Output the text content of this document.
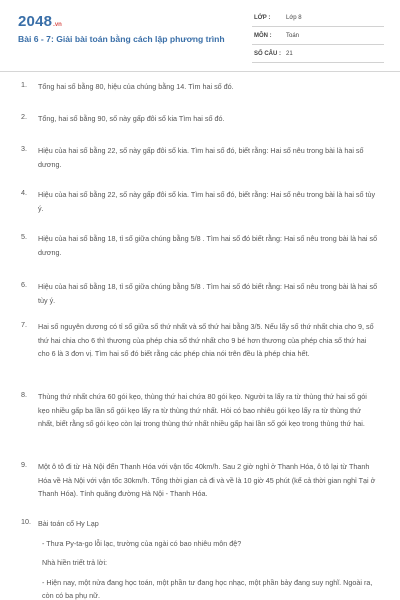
2048 .vn
Bài 6 - 7: Giải bài toán bằng cách lập phương trình
LỚP :	Lớp 8
MÔN : Toán
SỐ CÂU : 21
1. Tổng hai số bằng 80, hiệu của chúng bằng 14. Tìm hai số đó.
2. Tổng, hai số bằng 90, số này gấp đôi số kia Tìm hai số đó.
3. Hiệu của hai số bằng 22, số này gấp đôi số kia. Tìm hai số đó, biết rằng: Hai số nêu trong bài là hai số dương.
4. Hiệu của hai số bằng 22, số này gấp đôi số kia. Tìm hai số đó, biết rằng: Hai số nêu trong bài là hai số tùy ý.
5. Hiệu của hai số bằng 18, tỉ số giữa chúng bằng 5/8 . Tìm hai số đó biết rằng: Hai số nêu trong bài là hai số dương.
6. Hiệu của hai số bằng 18, tỉ số giữa chúng bằng 5/8 . Tìm hai số đó biết rằng: Hai số nêu trong bài là hai số tùy ý.
7. Hai số nguyên dương có tỉ số giữa số thứ nhất và số thứ hai bằng 3/5. Nếu lấy số thứ nhất chia cho 9, số thứ hai chia cho 6 thì thương của phép chia số thứ nhất cho 9 bé hơn thương của phép chia số thứ hai cho 6 là 3 đơn vị. Tìm hai số đó biết rằng các phép chia nói trên đều là phép chia hết.
8. Thùng thứ nhất chứa 60 gói kẹo, thùng thứ hai chứa 80 gói kẹo. Người ta lấy ra từ thùng thứ hai số gói kẹo nhiều gấp ba lần số gói kẹo lấy ra từ thùng thứ nhất. Hỏi có bao nhiêu gói kẹo lấy ra từ thùng thứ nhất, biết rằng số gói kẹo còn lại trong thùng thứ nhất nhiều gấp hai lần số gói kẹo trong thùng thứ hai.
9. Một ô tô đi từ Hà Nội đến Thanh Hóa với vận tốc 40km/h. Sau 2 giờ nghỉ ở Thanh Hóa, ô tô lại từ Thanh Hóa về Hà Nội với vận tốc 30km/h. Tổng thời gian cả đi và về là 10 giờ 45 phút (kể cả thời gian nghỉ Tại ở Thanh Hóa). Tính quãng đường Hà Nội - Thanh Hóa.
10. Bài toán cổ Hy Lạp

- Thưa Py-ta-go lỗi lạc, trường của ngài có bao nhiêu môn đệ?

Nhà hiền triết trả lời:

- Hiện nay, một nửa đang học toán, một phần tư đang học nhạc, một phần bảy đang suy nghĩ. Ngoài ra, còn có ba phụ nữ.
